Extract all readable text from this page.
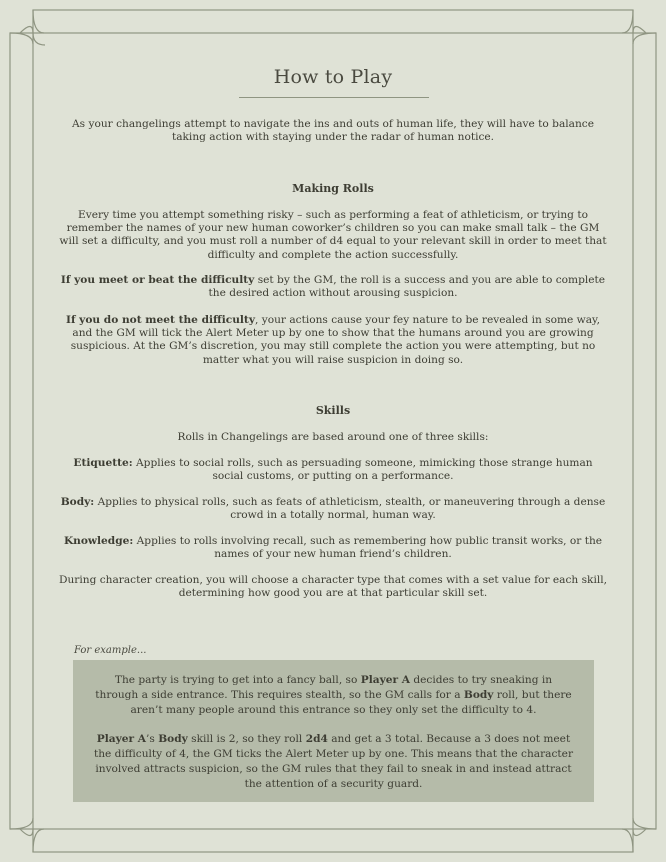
How to Play

As your changelings attempt to navigate the ins and outs of human life, they will have to balance taking action with staying under the radar of human notice.

Making Rolls

Every time you attempt something risky – such as performing a feat of athleticism, or trying to remember the names of your new human coworker’s children so you can make small talk – the GM will set a difficulty, and you must roll a number of d4 equal to your relevant skill in order to meet that difficulty and complete the action successfully.

If you meet or beat the difficulty set by the GM, the roll is a success and you are able to complete the desired action without arousing suspicion.

If you do not meet the difficulty, your actions cause your fey nature to be revealed in some way, and the GM will tick the Alert Meter up by one to show that the humans around you are growing suspicious. At the GM’s discretion, you may still complete the action you were attempting, but no matter what you will raise suspicion in doing so.

Skills

Rolls in Changelings are based around one of three skills:

Etiquette: Applies to social rolls, such as persuading someone, mimicking those strange human social customs, or putting on a performance.

Body: Applies to physical rolls, such as feats of athleticism, stealth, or maneuvering through a dense crowd in a totally normal, human way.

Knowledge: Applies to rolls involving recall, such as remembering how public transit works, or the names of your new human friend’s children.

During character creation, you will choose a character type that comes with a set value for each skill, determining how good you are at that particular skill set.

For example...

The party is trying to get into a fancy ball, so Player A decides to try sneaking in through a side entrance. This requires stealth, so the GM calls for a Body roll, but there aren’t many people around this entrance so they only set the difficulty to 4.

Player A’s Body skill is 2, so they roll 2d4 and get a 3 total. Because a 3 does not meet the difficulty of 4, the GM ticks the Alert Meter up by one. This means that the character involved attracts suspicion, so the GM rules that they fail to sneak in and instead attract the attention of a security guard.
